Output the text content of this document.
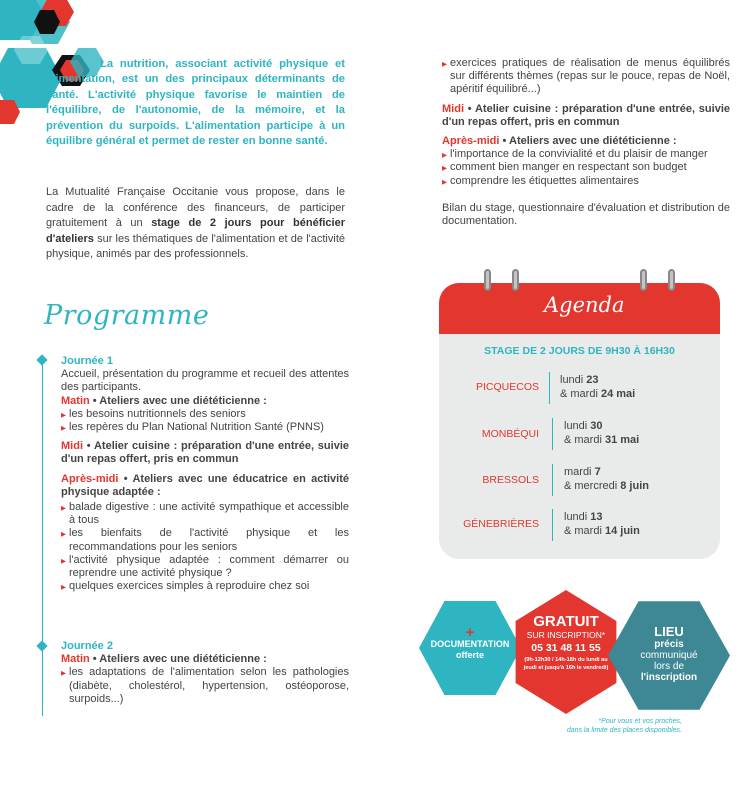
La nutrition, associant activité physique et alimentation, est un des principaux déterminants de santé. L'activité physique favorise le maintien de l'équilibre, de l'autonomie, de la mémoire, et la prévention du surpoids. L'alimentation participe à un équilibre général et permet de rester en bonne santé.
La Mutualité Française Occitanie vous propose, dans le cadre de la conférence des financeurs, de participer gratuitement à un stage de 2 jours pour bénéficier d'ateliers sur les thématiques de l'alimentation et de l'activité physique, animés par des professionnels.
Programme
Journée 1
Accueil, présentation du programme et recueil des attentes des participants.
Matin • Ateliers avec une diététicienne :
▶ les besoins nutritionnels des seniors
▶ les repères du Plan National Nutrition Santé (PNNS)
Midi • Atelier cuisine : préparation d'une entrée, suivie d'un repas offert, pris en commun
Après-midi • Ateliers avec une éducatrice en activité physique adaptée :
▶ balade digestive : une activité sympathique et accessible à tous
▶ les bienfaits de l'activité physique et les recommandations pour les seniors
▶ l'activité physique adaptée : comment démarrer ou reprendre une activité physique ?
▶ quelques exercices simples à reproduire chez soi
Journée 2
Matin • Ateliers avec une diététicienne :
▶ les adaptations de l'alimentation selon les pathologies (diabète, cholestérol, hypertension, ostéoporose, surpoids...)
▶ exercices pratiques de réalisation de menus équilibrés sur différents thèmes (repas sur le pouce, repas de Noël, apéritif équilibré...)
Midi • Atelier cuisine : préparation d'une entrée, suivie d'un repas offert, pris en commun
Après-midi • Ateliers avec une diététicienne :
▶ l'importance de la convivialité et du plaisir de manger
▶ comment bien manger en respectant son budget
▶ comprendre les étiquettes alimentaires
Bilan du stage, questionnaire d'évaluation et distribution de documentation.
Agenda
STAGE DE 2 JOURS DE 9H30 À 16H30
PICQUECOS
lundi 23
& mardi 24 mai
MONBÉQUI
lundi 30
& mardi 31 mai
BRESSOLS
mardi 7
& mercredi 8 juin
GÉNEBRIÈRES
lundi 13
& mardi 14 juin
+
DOCUMENTATION
offerte
GRATUIT
SUR INSCRIPTION*
05 31 48 11 55
(9h-12h30 / 14h-18h du lundi au jeudi et jusqu'à 16h le vendredi)
LIEU
précis
communiqué
lors de
l'inscription
*Pour vous et vos proches,
dans la limite des places disponibles.
